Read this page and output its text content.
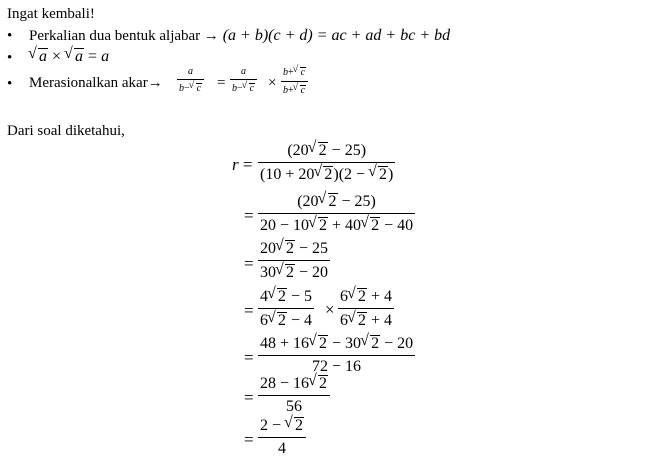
Ingat kembali!
• Perkalian dua bentuk aljabar → (a + b)(c + d) = ac + ad + bc + bd
•	√ a × √ a = a
• Merasionalkan akar→
a
b− √ c =
a
b− √ c ×
b+ √ c
b+ √ c
Dari soal diketahui,
r =
(20 √ 2 − 25)
(10 + 20 √ 2)(2 − √ 2)
=
(20 √ 2 − 25)
20 − 10 √ 2 + 40 √ 2 − 40
=
20 √ 2 − 25
30 √ 2 − 20
=
4 √ 2 − 5
6 √ 2 − 4
×
6 √ 2 + 4
6 √ 2 + 4
=
48 + 16 √ 2 − 30 √ 2 − 20
72 − 16
=
28 − 16 √ 2
56
=
2 − √ 2
4
